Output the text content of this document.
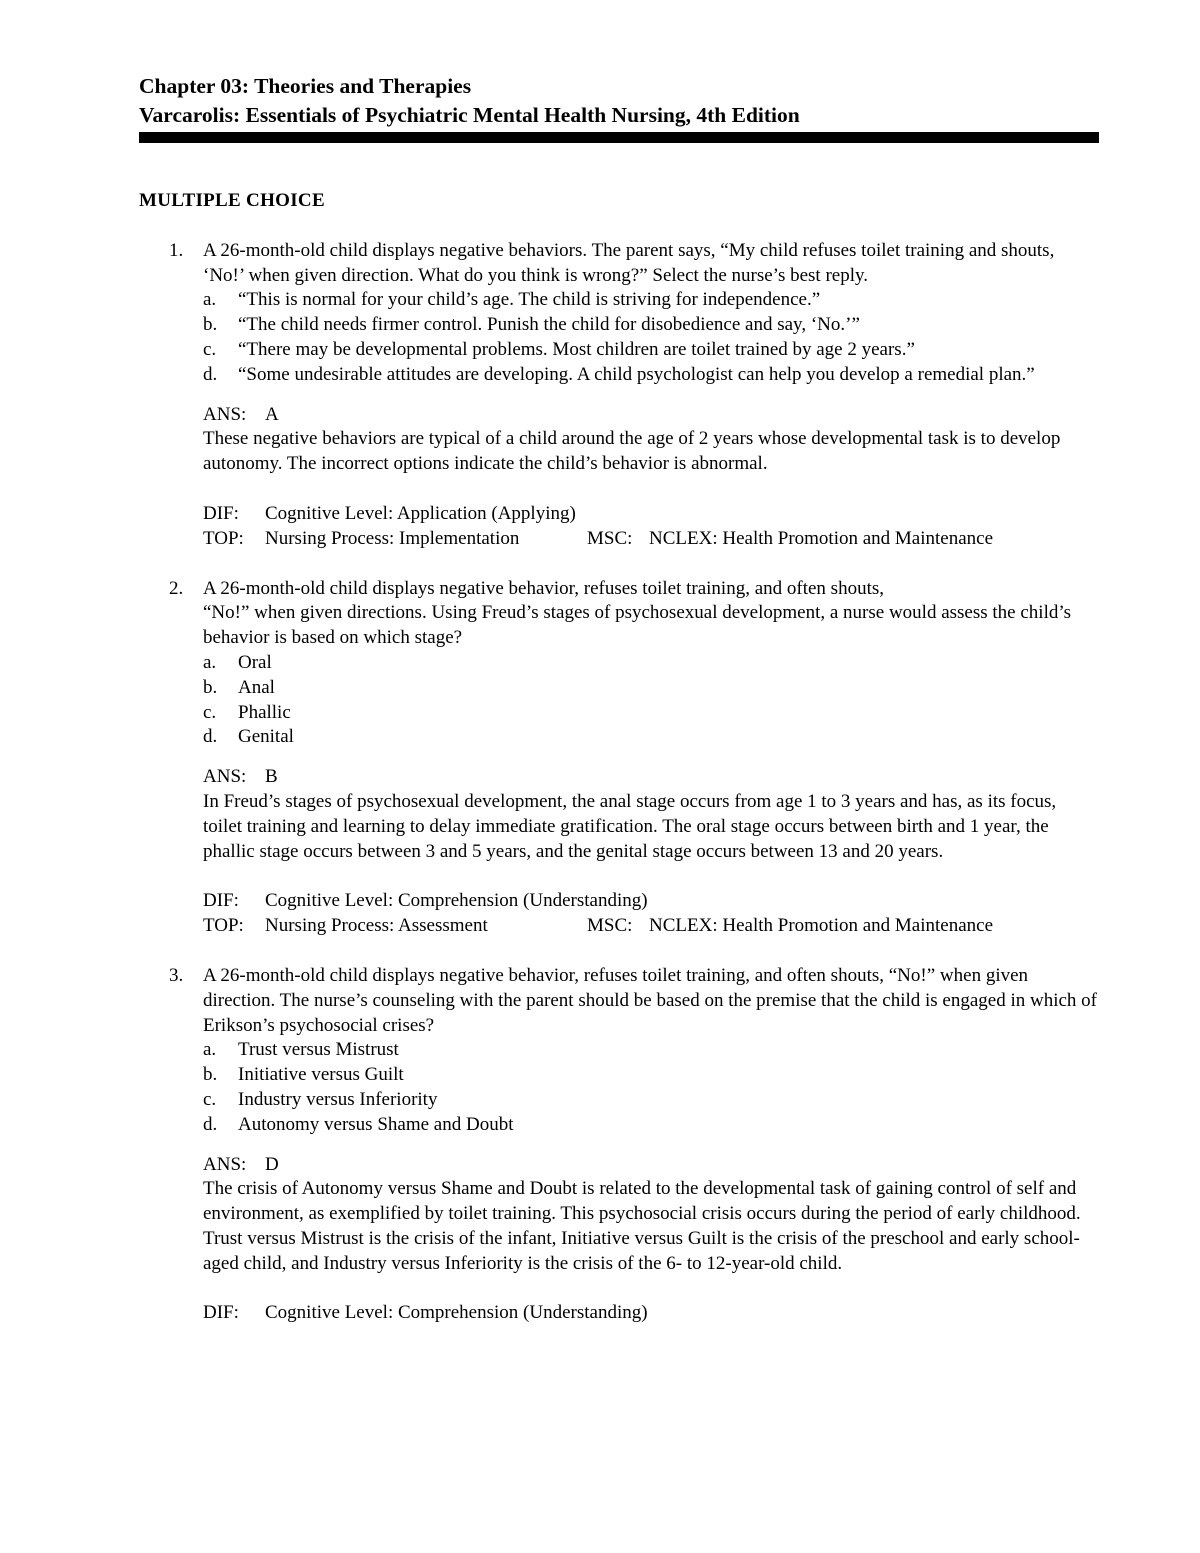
Chapter 03: Theories and Therapies
Varcarolis: Essentials of Psychiatric Mental Health Nursing, 4th Edition
MULTIPLE CHOICE
1. A 26-month-old child displays negative behaviors. The parent says, “My child refuses toilet training and shouts, ‘No!’ when given direction. What do you think is wrong?” Select the nurse’s best reply.
a. “This is normal for your child’s age. The child is striving for independence.”
b. “The child needs firmer control. Punish the child for disobedience and say, ‘No.’”
c. “There may be developmental problems. Most children are toilet trained by age 2 years.”
d. “Some undesirable attitudes are developing. A child psychologist can help you develop a remedial plan.”
ANS: A
These negative behaviors are typical of a child around the age of 2 years whose developmental task is to develop autonomy. The incorrect options indicate the child’s behavior is abnormal.
DIF: Cognitive Level: Application (Applying)
TOP: Nursing Process: Implementation	MSC: NCLEX: Health Promotion and Maintenance
2. A 26-month-old child displays negative behavior, refuses toilet training, and often shouts,
“No!” when given directions. Using Freud’s stages of psychosexual development, a nurse would assess the child’s behavior is based on which stage?
a. Oral
b. Anal
c. Phallic
d. Genital
ANS: B
In Freud’s stages of psychosexual development, the anal stage occurs from age 1 to 3 years and has, as its focus, toilet training and learning to delay immediate gratification. The oral stage occurs between birth and 1 year, the phallic stage occurs between 3 and 5 years, and the genital stage occurs between 13 and 20 years.
DIF: Cognitive Level: Comprehension (Understanding)
TOP: Nursing Process: Assessment	MSC: NCLEX: Health Promotion and Maintenance
3. A 26-month-old child displays negative behavior, refuses toilet training, and often shouts, “No!” when given direction. The nurse’s counseling with the parent should be based on the premise that the child is engaged in which of Erikson’s psychosocial crises?
a. Trust versus Mistrust
b. Initiative versus Guilt
c. Industry versus Inferiority
d. Autonomy versus Shame and Doubt
ANS: D
The crisis of Autonomy versus Shame and Doubt is related to the developmental task of gaining control of self and environment, as exemplified by toilet training. This psychosocial crisis occurs during the period of early childhood. Trust versus Mistrust is the crisis of the infant, Initiative versus Guilt is the crisis of the preschool and early school-aged child, and Industry versus Inferiority is the crisis of the 6- to 12-year-old child.
DIF: Cognitive Level: Comprehension (Understanding)
